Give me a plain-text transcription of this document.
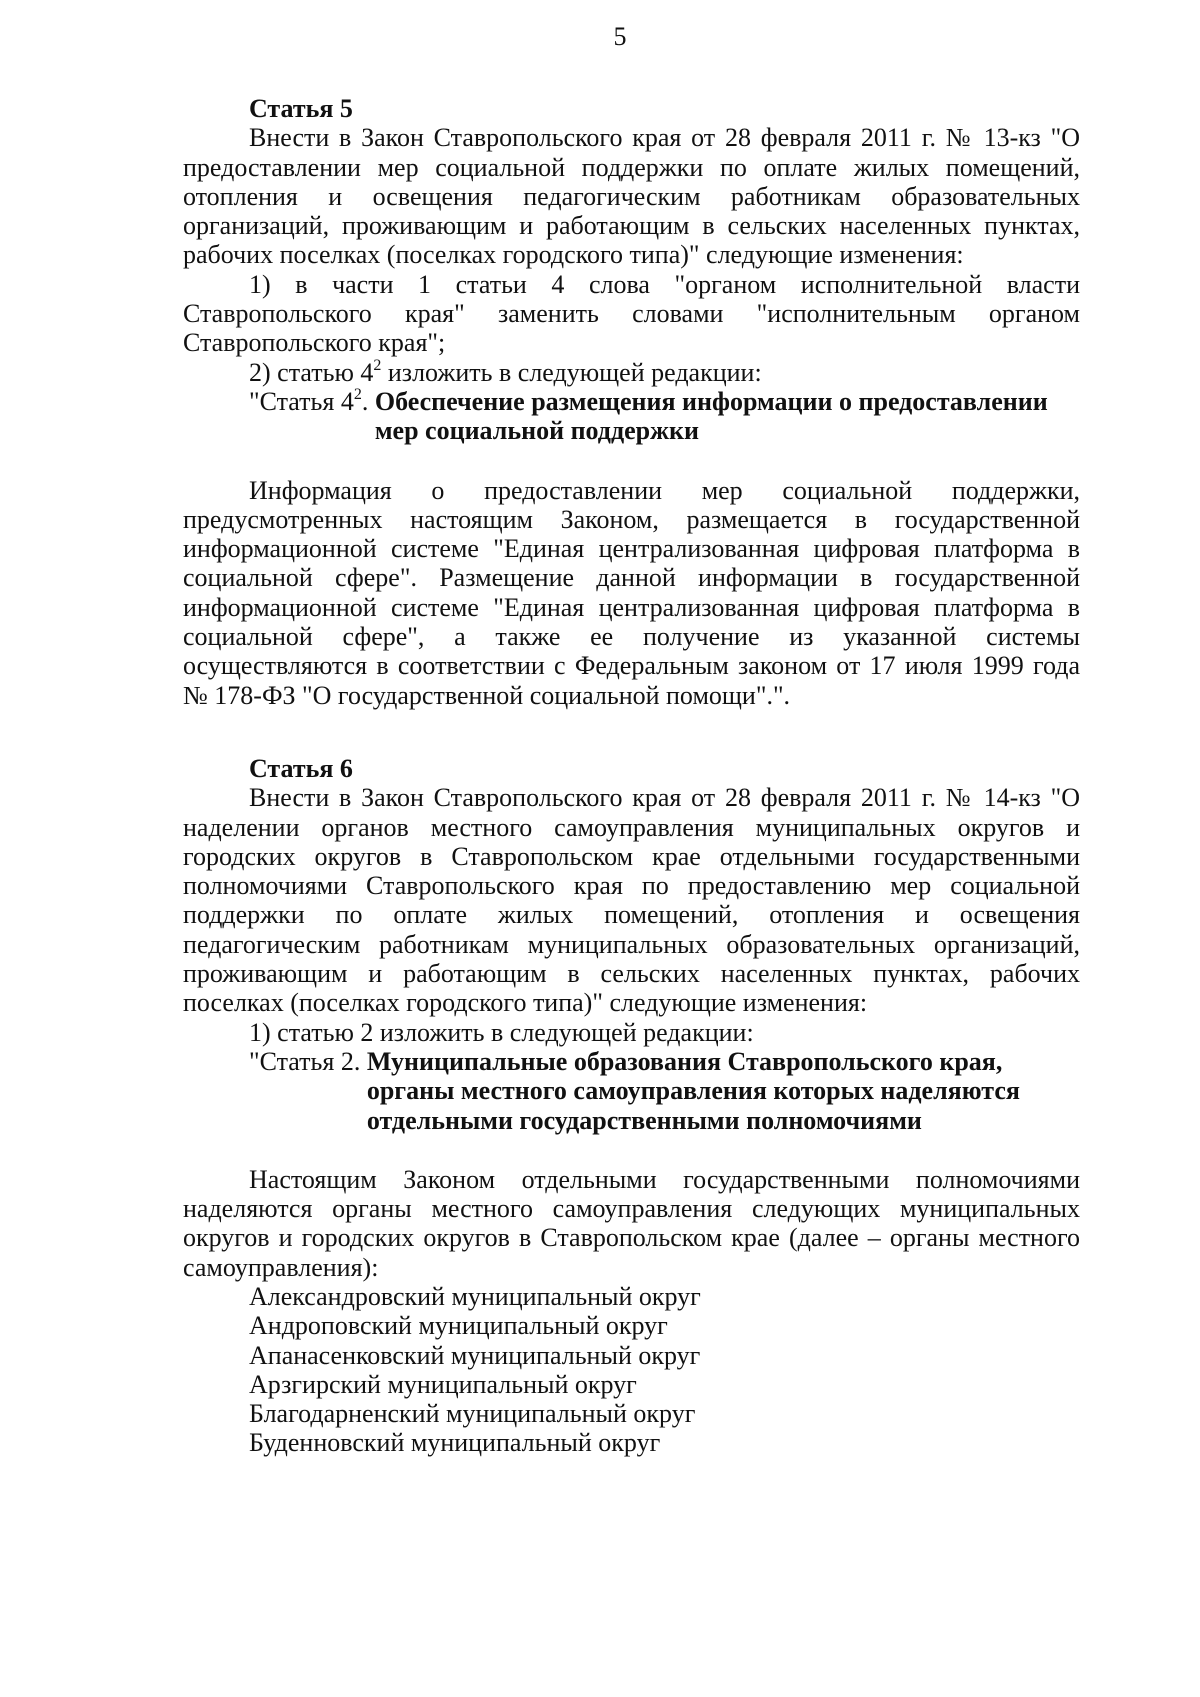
5
Статья 5
Внести в Закон Ставропольского края от 28 февраля 2011 г. № 13-кз "О предоставлении мер социальной поддержки по оплате жилых помещений, отопления и освещения педагогическим работникам образовательных организаций, проживающим и работающим в сельских населенных пунктах, рабочих поселках (поселках городского типа)" следующие изменения:
1) в части 1 статьи 4 слова "органом исполнительной власти Ставропольского края" заменить словами "исполнительным органом Ставропольского края";
2) статью $4^2$ изложить в следующей редакции:
"Статья $4^2$. Обеспечение размещения информации о предоставлении мер социальной поддержки
Информация о предоставлении мер социальной поддержки, предусмотренных настоящим Законом, размещается в государственной информационной системе "Единая централизованная цифровая платформа в социальной сфере". Размещение данной информации в государственной информационной системе "Единая централизованная цифровая платформа в социальной сфере", а также ее получение из указанной системы осуществляются в соответствии с Федеральным законом от 17 июля 1999 года № 178-ФЗ "О государственной социальной помощи".".
Статья 6
Внести в Закон Ставропольского края от 28 февраля 2011 г. № 14-кз "О наделении органов местного самоуправления муниципальных округов и городских округов в Ставропольском крае отдельными государственными полномочиями Ставропольского края по предоставлению мер социальной поддержки по оплате жилых помещений, отопления и освещения педагогическим работникам муниципальных образовательных организаций, проживающим и работающим в сельских населенных пунктах, рабочих поселках (поселках городского типа)" следующие изменения:
1) статью 2 изложить в следующей редакции:
"Статья 2. Муниципальные образования Ставропольского края, органы местного самоуправления которых наделяются отдельными государственными полномочиями
Настоящим Законом отдельными государственными полномочиями наделяются органы местного самоуправления следующих муниципальных округов и городских округов в Ставропольском крае (далее – органы местного самоуправления):
Александровский муниципальный округ
Андроповский муниципальный округ
Апанасенковский муниципальный округ
Арзгирский муниципальный округ
Благодарненский муниципальный округ
Буденновский муниципальный округ
